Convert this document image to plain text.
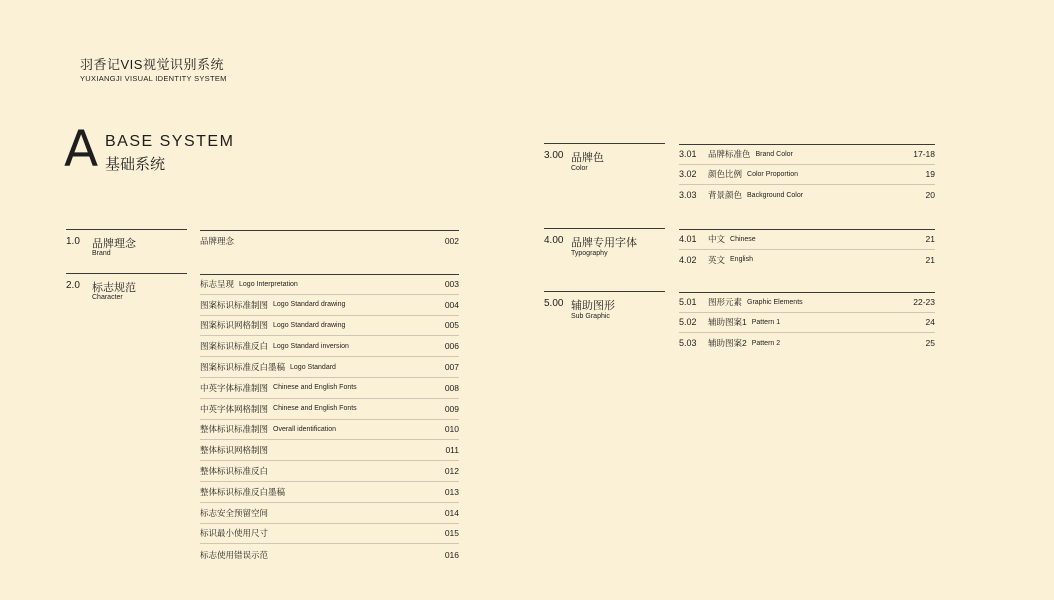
羽香记VIS视觉识别系统
YUXIANGJI VISUAL IDENTITY SYSTEM
A BASE SYSTEM
基础系统
1.0 品牌理念
Brand
2.0 标志规范
Character
品牌理念	002
标志呈现 Logo Interpretation	003
图案标识标准制图 Logo Standard drawing	004
图案标识网格制图 Logo Standard drawing	005
图案标识标准反白 Logo Standard inversion	006
图案标识标准反白墨稿 Logo Standard	007
中英字体标准制图 Chinese and English Fonts	008
中英字体网格制图 Chinese and English Fonts	009
整体标识标准制图 Overall identification	010
整体标识网格制图	011
整体标识标准反白	012
整体标识标准反白墨稿	013
标志安全预留空间	014
标识最小使用尺寸	015
标志使用错误示范	016
3.00 品牌色
Color
4.00 品牌专用字体
Typography
5.00 辅助图形
Sub Graphic
3.01	品牌标准色 Brand Color	17-18
3.02	颜色比例 Color Proportion	19
3.03	背景颜色 Background Color	20
4.01	中文 Chinese	21
4.02	英文 English	21
5.01	图形元素 Graphic Elements	22-23
5.02	辅助图案1 Pattern 1	24
5.03	辅助图案2 Pattern 2	25
